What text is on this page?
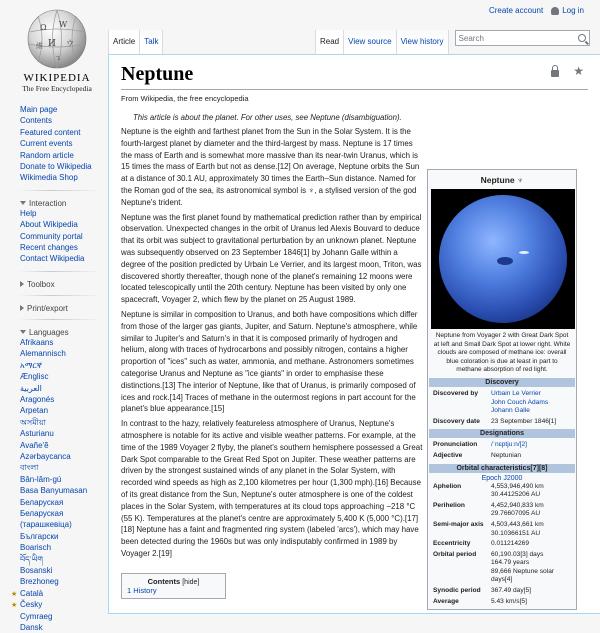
Create account Log in
Ω W
И ウ
維
ว
WIKIPEDIA
The Free Encyclopedia
Main page
Contents
Featured content
Current events
Random article
Donate to Wikipedia
Wikimedia Shop
Interaction
Help
About Wikipedia
Community portal
Recent changes
Contact Wikipedia
Toolbox
Print/export
Languages
Afrikaans
Alemannisch
አማርኛ
Ænglisc
العربية
Aragonés
Arpetan
অসমীয়া
Asturianu
Avañe'ẽ
Azərbaycanca
বাংলা
Bân-lâm-gú
Basa Banyumasan
Беларуская
Беларуская (тарашкевіца)
Български
Boarisch
བོད་ཡིག
Bosanski
Brezhoneg
★ Català
★ Česky
Cymraeg
Dansk
Article Talk	Read View source View history Search
Neptune	★
From Wikipedia, the free encyclopedia
This article is about the planet. For other uses, see Neptune (disambiguation).

Neptune is the eighth and farthest planet from the Sun in the Solar System. It is the fourth-largest planet by diameter and the third-largest by mass. Neptune is 17 times the mass of Earth and is somewhat more massive than its near-twin Uranus, which is 15 times the mass of Earth but not as dense.[12] On average, Neptune orbits the Sun at a distance of 30.1 AU, approximately 30 times the Earth–Sun distance. Named for the Roman god of the sea, its astronomical symbol is ♆, a stylised version of the god Neptune's trident.

Neptune was the first planet found by mathematical prediction rather than by empirical observation. Unexpected changes in the orbit of Uranus led Alexis Bouvard to deduce that its orbit was subject to gravitational perturbation by an unknown planet. Neptune was subsequently observed on 23 September 1846[1] by Johann Galle within a degree of the position predicted by Urbain Le Verrier, and its largest moon, Triton, was discovered shortly thereafter, though none of the planet's remaining 12 moons were located telescopically until the 20th century. Neptune has been visited by only one spacecraft, Voyager 2, which flew by the planet on 25 August 1989.

Neptune is similar in composition to Uranus, and both have compositions which differ from those of the larger gas giants, Jupiter, and Saturn. Neptune's atmosphere, while similar to Jupiter's and Saturn's in that it is composed primarily of hydrogen and helium, along with traces of hydrocarbons and possibly nitrogen, contains a higher proportion of "ices" such as water, ammonia, and methane. Astronomers sometimes categorise Uranus and Neptune as "ice giants" in order to emphasise these distinctions.[13] The interior of Neptune, like that of Uranus, is primarily composed of ices and rock.[14] Traces of methane in the outermost regions in part account for the planet's blue appearance.[15]

In contrast to the hazy, relatively featureless atmosphere of Uranus, Neptune's atmosphere is notable for its active and visible weather patterns. For example, at the time of the 1989 Voyager 2 flyby, the planet's southern hemisphere possessed a Great Dark Spot comparable to the Great Red Spot on Jupiter. These weather patterns are driven by the strongest sustained winds of any planet in the Solar System, with recorded wind speeds as high as 2,100 kilometres per hour (1,300 mph).[16] Because of its great distance from the Sun, Neptune's outer atmosphere is one of the coldest places in the Solar System, with temperatures at its cloud tops approaching −218 °C (55 K). Temperatures at the planet's centre are approximately 5,400 K (5,000 °C).[17][18] Neptune has a faint and fragmented ring system (labeled 'arcs'), which may have been detected during the 1960s but was only indisputably confirmed in 1989 by Voyager 2.[19]

Contents [hide]
1 History
Neptune ♆
Neptune from Voyager 2 with Great Dark Spot at left and Small Dark Spot at lower right. White clouds are composed of methane ice: overall blue coloration is due at least in part to methane absorption of red light.
Discovery
Discovered by	Urbain Le Verrier
John Couch Adams
Johann Galle
Discovery date	23 September 1846[1]
Designations
Pronunciation	/ˈnɛptjuːn/[2]
Adjective	Neptunian
Orbital characteristics[7][8]
Epoch J2000
Aphelion	4,553,946,490 km
30.44125206 AU
Perihelion	4,452,940,833 km
29.76607095 AU
Semi-major axis	4,503,443,661 km
30.10366151 AU
Eccentricity	0.011214269
Orbital period	60,190.03[3] days
164.79 years
89,666 Neptune solar days[4]
Synodic period	367.49 day[5]
Average	5.43 km/s[5]
